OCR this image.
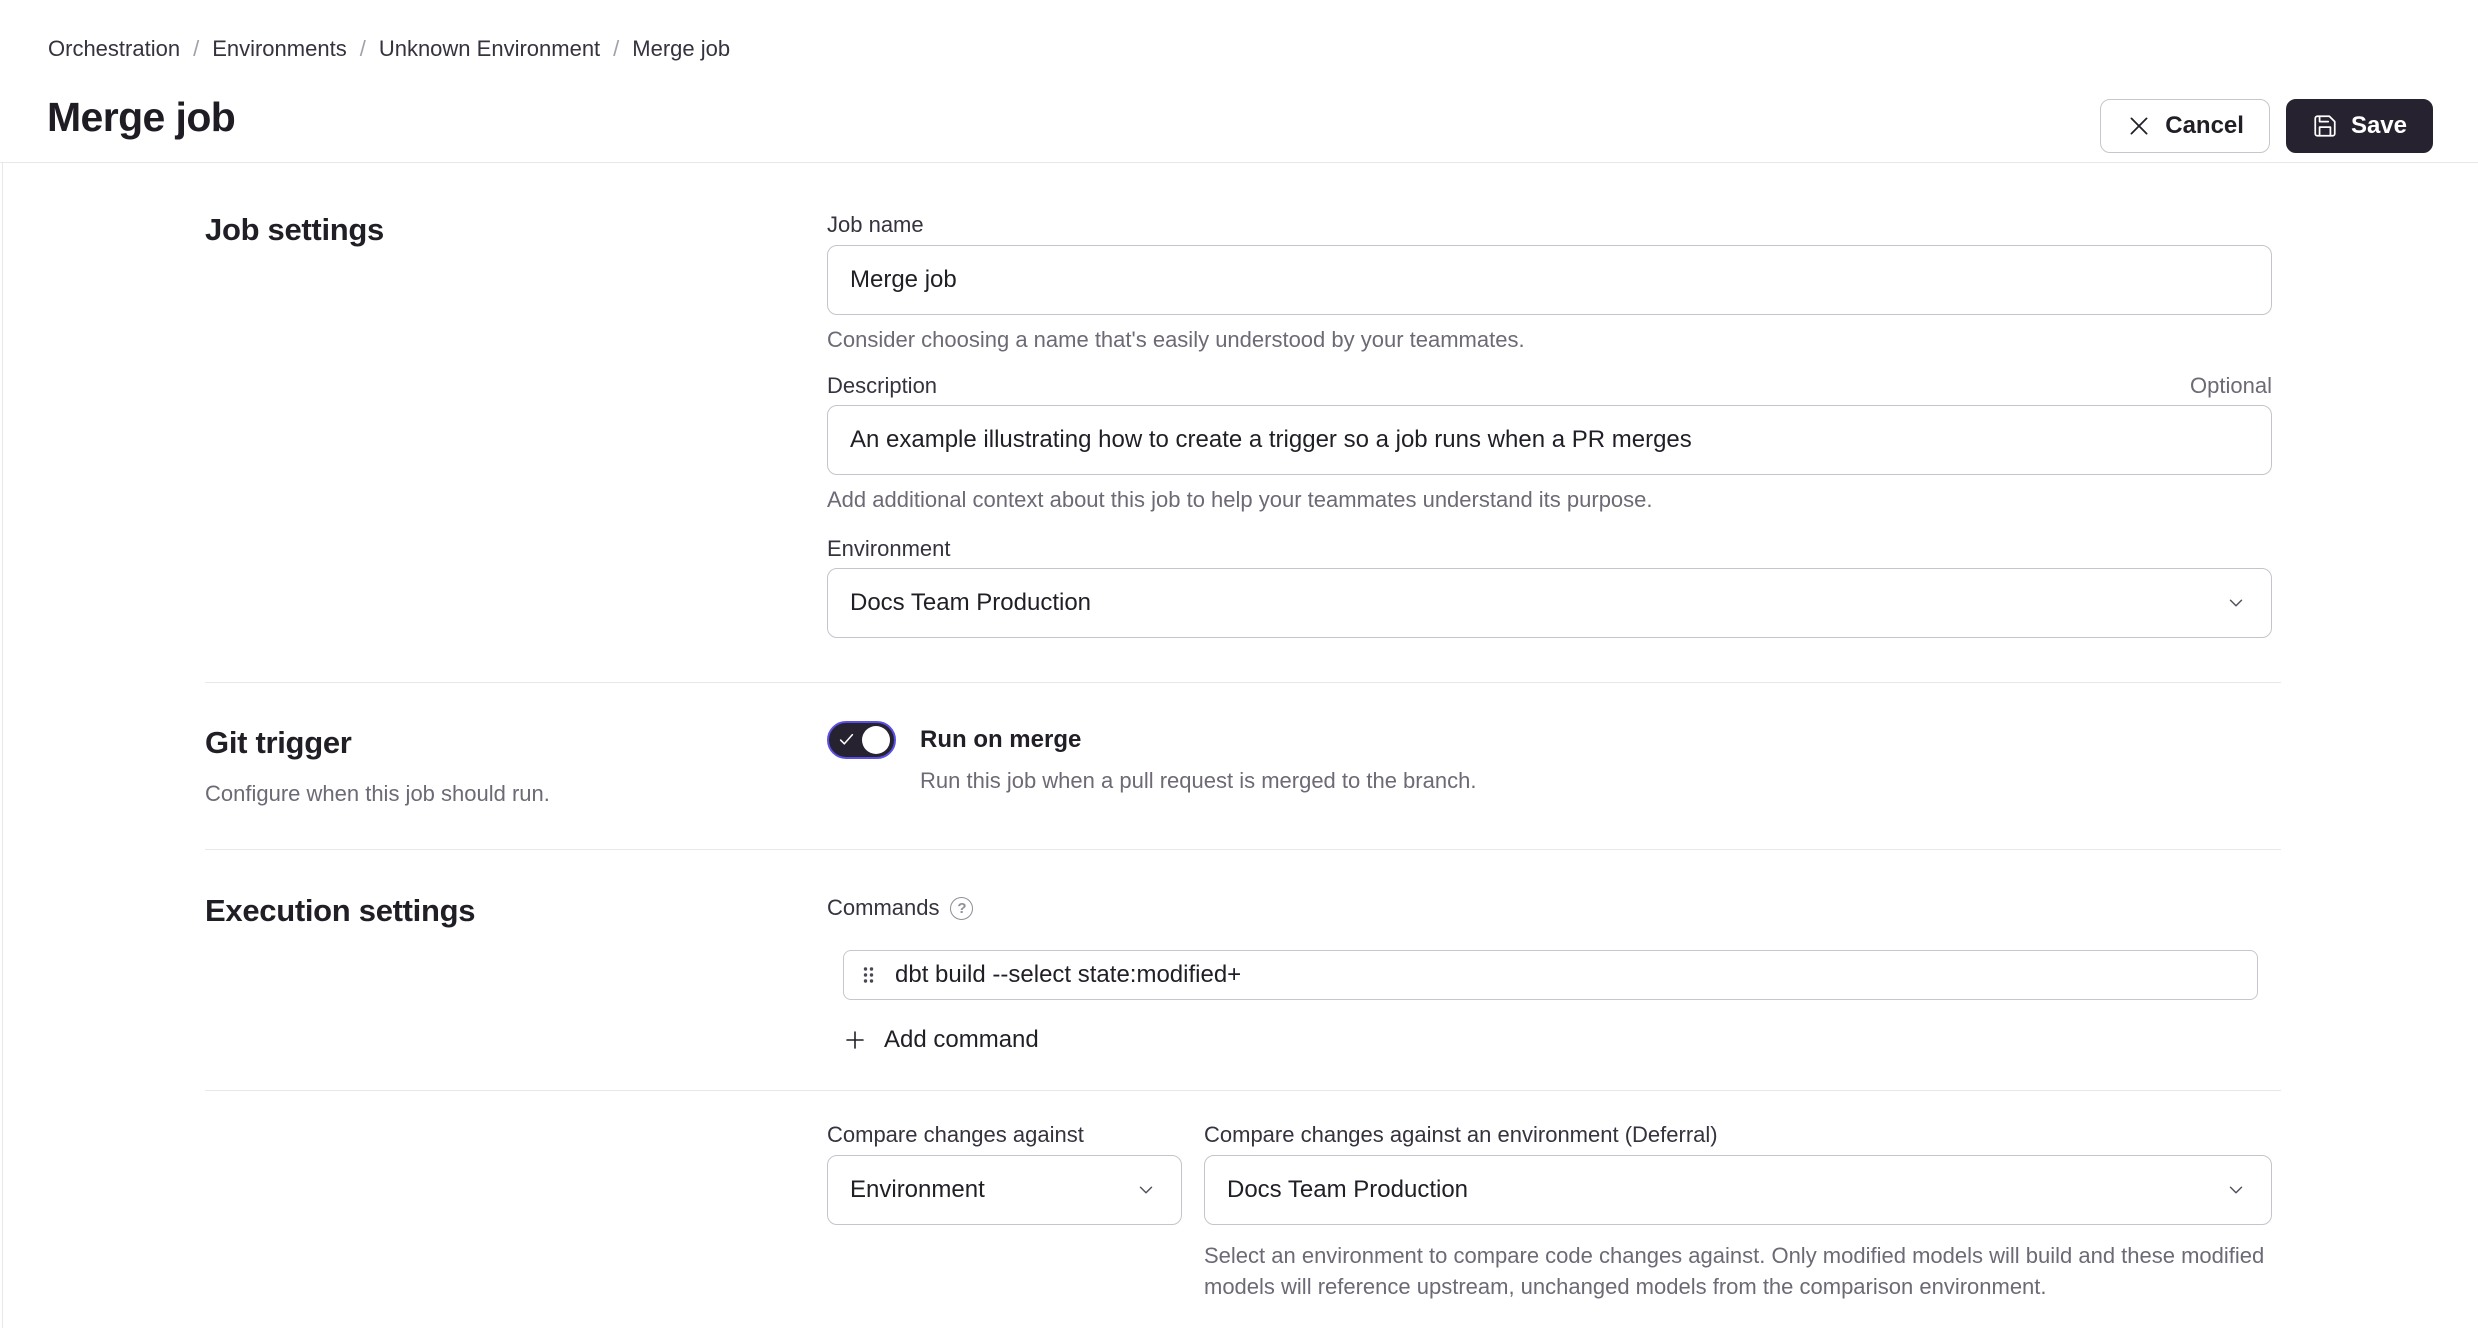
Orchestration / Environments / Unknown Environment / Merge job
Merge job	Cancel	Save
Job settings	Job name
Merge job
Consider choosing a name that's easily understood by your teammates.
Description	Optional
An example illustrating how to create a trigger so a job runs when a PR merges
Add additional context about this job to help your teammates understand its purpose.
Environment
Docs Team Production
Git trigger
Configure when this job should run.
Run on merge
Run this job when a pull request is merged to the branch.
Execution settings	Commands	?
dbt build --select state:modified+
Add command
Compare changes against
Environment
Compare changes against an environment (Deferral)
Docs Team Production
Select an environment to compare code changes against. Only modified models will build and these modified models will reference upstream, unchanged models from the comparison environment.
